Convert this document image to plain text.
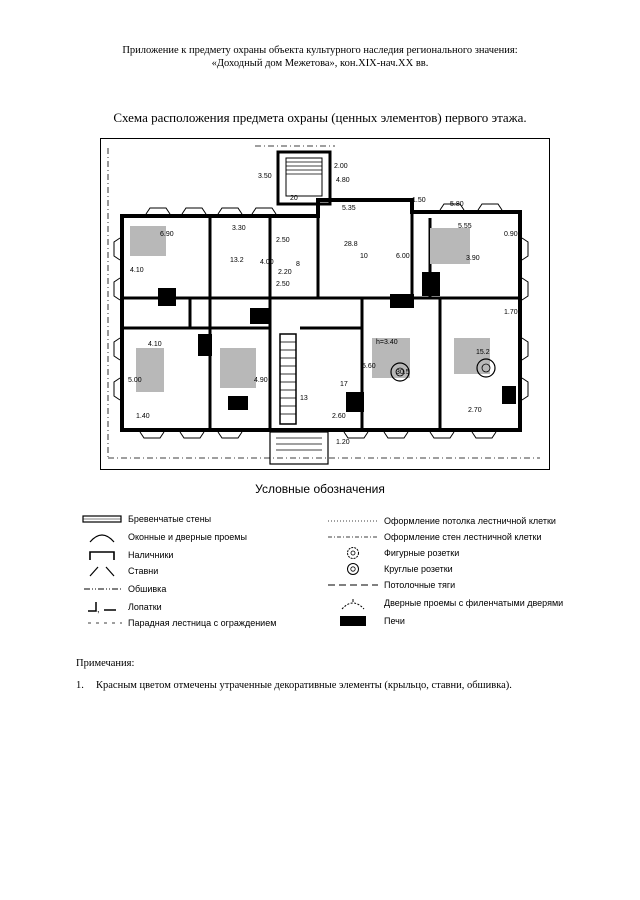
Приложение к предмету охраны объекта культурного наследия регионального значения:
«Доходный дом Межетова», кон.XIX-нач.XX вв.
Схема расположения предмета охраны (ценных элементов) первого этажа.
6.90
4.10
3.30
13.2
20
2.50
8
2.50
5.35
28.8
10	6.00
5.55
3.90
4.10
5.00	4.90
1.40
17
2.60
h=3.40
30.5
15.2
2.70
1.20
3.50
2.00
4.80
1.50
5.80
1.70
0.90
5.60
13
4.00
2.20
Условные обозначения
Бревенчатые стены
Оконные и дверные проемы
Наличники
Ставни
Обшивка
,	Лопатки
Парадная лестница с ограждением
Оформление потолка лестничной клетки
Оформление стен лестничной клетки
Фигурные розетки
Круглые розетки
Потолочные тяги
Дверные проемы с филенчатыми дверями
Печи
Примечания:
1. Красным цветом отмечены утраченные декоративные элементы (крыльцо, ставни, обшивка).
